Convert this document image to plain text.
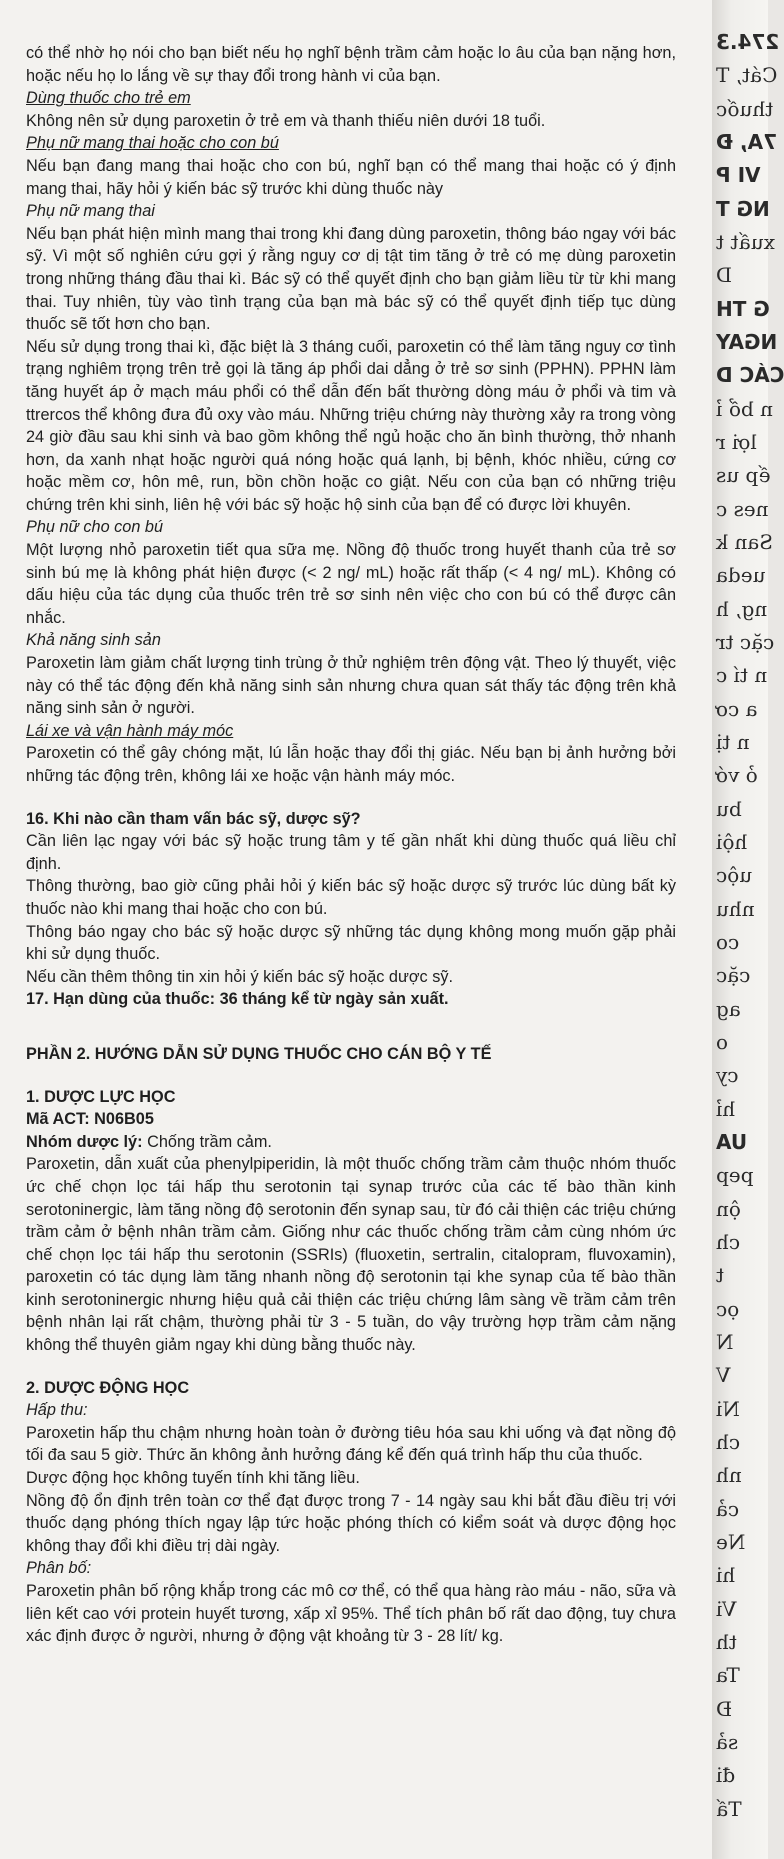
có thể nhờ họ nói cho bạn biết nếu họ nghĩ bệnh trầm cảm hoặc lo âu của bạn nặng hơn, hoặc nếu họ lo lắng về sự thay đổi trong hành vi của bạn.

Dùng thuốc cho trẻ em

Không nên sử dụng paroxetin ở trẻ em và thanh thiếu niên dưới 18 tuổi.

Phụ nữ mang thai hoặc cho con bú

Nếu bạn đang mang thai hoặc cho con bú, nghĩ bạn có thể mang thai hoặc có ý định mang thai, hãy hỏi ý kiến bác sỹ trước khi dùng thuốc này

Phụ nữ mang thai

Nếu bạn phát hiện mình mang thai trong khi đang dùng paroxetin, thông báo ngay với bác sỹ. Vì một số nghiên cứu gợi ý rằng nguy cơ dị tật tim tăng ở trẻ có mẹ dùng paroxetin trong những tháng đầu thai kì. Bác sỹ có thể quyết định cho bạn giảm liều từ từ khi mang thai. Tuy nhiên, tùy vào tình trạng của bạn mà bác sỹ có thể quyết định tiếp tục dùng thuốc sẽ tốt hơn cho bạn.

Nếu sử dụng trong thai kì, đặc biệt là 3 tháng cuối, paroxetin có thể làm tăng nguy cơ tình trạng nghiêm trọng trên trẻ gọi là tăng áp phổi dai dẳng ở trẻ sơ sinh (PPHN). PPHN làm tăng huyết áp ở mạch máu phổi có thể dẫn đến bất thường dòng máu ở phổi và tim và ttrercos thể không đưa đủ oxy vào máu. Những triệu chứng này thường xảy ra trong vòng 24 giờ đầu sau khi sinh và bao gồm không thể ngủ hoặc cho ăn bình thường, thở nhanh hơn, da xanh nhạt hoặc người quá nóng hoặc quá lạnh, bị bệnh, khóc nhiều, cứng cơ hoặc mềm cơ, hôn mê, run, bồn chồn hoặc co giật. Nếu con của bạn có những triệu chứng trên khi sinh, liên hệ với bác sỹ hoặc hộ sinh của bạn để có được lời khuyên.

Phụ nữ cho con bú

Một lượng nhỏ paroxetin tiết qua sữa mẹ. Nồng độ thuốc trong huyết thanh của trẻ sơ sinh bú mẹ là không phát hiện được (< 2 ng/ mL) hoặc rất thấp (< 4 ng/ mL). Không có dấu hiệu của tác dụng của thuốc trên trẻ sơ sinh nên việc cho con bú có thể được cân nhắc.

Khả năng sinh sản

Paroxetin làm giảm chất lượng tinh trùng ở thử nghiệm trên động vật. Theo lý thuyết, việc này có thể tác động đến khả năng sinh sản nhưng chưa quan sát thấy tác động trên khả năng sinh sản ở người.

Lái xe và vận hành máy móc

Paroxetin có thể gây chóng mặt, lú lẫn hoặc thay đổi thị giác. Nếu bạn bị ảnh hưởng bởi những tác động trên, không lái xe hoặc vận hành máy móc.

16. Khi nào cần tham vấn bác sỹ, dược sỹ?

Cần liên lạc ngay với bác sỹ hoặc trung tâm y tế gần nhất khi dùng thuốc quá liều chỉ định.

Thông thường, bao giờ cũng phải hỏi ý kiến bác sỹ hoặc dược sỹ trước lúc dùng bất kỳ thuốc nào khi mang thai hoặc cho con bú.

Thông báo ngay cho bác sỹ hoặc dược sỹ những tác dụng không mong muốn gặp phải khi sử dụng thuốc.

Nếu cần thêm thông tin xin hỏi ý kiến bác sỹ hoặc dược sỹ.

17. Hạn dùng của thuốc: 36 tháng kể từ ngày sản xuất.

PHẦN 2. HƯỚNG DẪN SỬ DỤNG THUỐC CHO CÁN BỘ Y TẾ

1. DƯỢC LỰC HỌC

Mã ACT: N06B05

Nhóm dược lý: Chống trầm cảm.

Paroxetin, dẫn xuất của phenylpiperidin, là một thuốc chống trầm cảm thuộc nhóm thuốc ức chế chọn lọc tái hấp thu serotonin tại synap trước của các tế bào thần kinh serotoninergic, làm tăng nồng độ serotonin đến synap sau, từ đó cải thiện các triệu chứng trầm cảm ở bệnh nhân trầm cảm. Giống như các thuốc chống trầm cảm cùng nhóm ức chế chọn lọc tái hấp thu serotonin (SSRIs) (fluoxetin, sertralin, citalopram, fluvoxamin), paroxetin có tác dụng làm tăng nhanh nồng độ serotonin tại khe synap của tế bào thần kinh serotoninergic nhưng hiệu quả cải thiện các triệu chứng lâm sàng về trầm cảm trên bệnh nhân lại rất chậm, thường phải từ 3 - 5 tuần, do vậy trường hợp trầm cảm nặng không thể thuyên giảm ngay khi dùng bằng thuốc này.

2. DƯỢC ĐỘNG HỌC

Hấp thu:

Paroxetin hấp thu chậm nhưng hoàn toàn ở đường tiêu hóa sau khi uống và đạt nồng độ tối đa sau 5 giờ. Thức ăn không ảnh hưởng đáng kể đến quá trình hấp thu của thuốc.

Dược động học không tuyến tính khi tăng liều.

Nồng độ ổn định trên toàn cơ thể đạt được trong 7 - 14 ngày sau khi bắt đầu điều trị với thuốc dạng phóng thích ngay lập tức hoặc phóng thích có kiểm soát và dược động học không thay đổi khi điều trị dài ngày.

Phân bố:

Paroxetin phân bố rộng khắp trong các mô cơ thể, có thể qua hàng rào máu - não, sữa và liên kết cao với protein huyết tương, xấp xỉ 95%. Thể tích phân bố rất dao động, tuy chưa xác định được ở người, nhưng ở động vật khoảng từ 3 - 28 lít/ kg.

274.3
Cát, T
thuốc
7A, Đ
VI P
NG T
xuất t
D
G TH
NGAY
CÁC D
n bổ ỉ
lợi r
ếp us
nes c
San k
ueda
ng, h
cặc tr
n tí c
a cơ
n tị
ỏ vớ
bu
hội
uộc
nhu
co
cặc
ag
o
cy
hỉ
UA
pep
ộn
ch
t
ọc
N
V
Ni
ch
nh
cả
Ne
hi
Vi
th
Ta
Đ
sả
đi
Tấ
